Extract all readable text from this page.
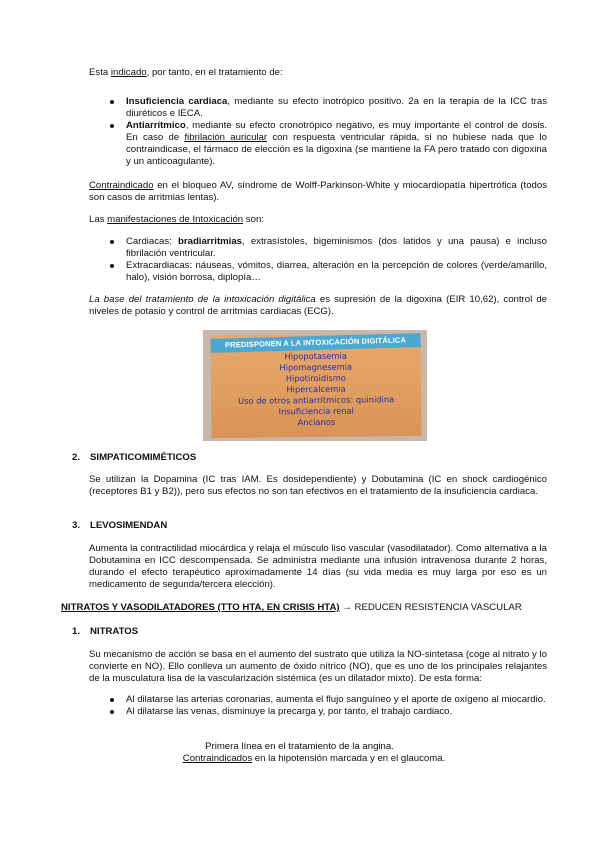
Esta indicado, por tanto, en el tratamiento de:

Insuficiencia cardiaca, mediante su efecto inotrópico positivo. 2a en la terapia de la ICC tras diuréticos e IECA.
Antiarrítmico, mediante su efecto cronotrópico negativo, es muy importante el control de dosis. En caso de fibrilación auricular con respuesta ventricular rápida, si no hubiese nada que lo contraindicase, el fármaco de elección es la digoxina (se mantiene la FA pero tratado con digoxina y un anticoagulante).

Contraindicado en el bloqueo AV, síndrome de Wolff-Parkinson-White y miocardiopatía hipertrófica (todos son casos de arritmias lentas).

Las manifestaciones de Intoxicación son:

Cardiacas: bradiarritmias, extrasístoles, bigeminismos (dos latidos y una pausa) e incluso fibrilación ventricular.
Extracardiacas: náuseas, vómitos, diarrea, alteración en la percepción de colores (verde/amarillo, halo), visión borrosa, diplopía…

La base del tratamiento de la intoxicación digitálica es supresión de la digoxina (EIR 10,62), control de niveles de potasio y control de arritmias cardiacas (ECG).

PREDISPONEN A LA INTOXICACIÓN DIGITÁLICA
Hipopotasemia
Hipomagnesemia
Hipotiroidismo
Hipercalcemia
Uso de otros antiarrítmicos: quinidina
Insuficiencia renal
Ancianos
2. SIMPATICOMIMÉTICOS

Se utilizan la Dopamina (IC tras IAM. Es dosidependiente) y Dobutamina (IC en shock cardiogénico (receptores B1 y B2)), pero sus efectos no son tan efectivos en el tratamiento de la insuficiencia cardiaca.

3. LEVOSIMENDAN

Aumenta la contractilidad miocárdica y relaja el músculo liso vascular (vasodilatador). Como alternativa a la Dobutamina en ICC descompensada. Se administra mediante una infusión intravenosa durante 2 horas, durando el efecto terapéutico aproximadamente 14 días (su vida media es muy larga por eso es un medicamento de segunda/tercera elección).

NITRATOS Y VASODILATADORES (TTO HTA, EN CRISIS HTA) → REDUCEN RESISTENCIA VASCULAR

1. NITRATOS

Su mecanismo de acción se basa en el aumento del sustrato que utiliza la NO-sintetasa (coge al nitrato y lo convierte en NO). Ello conlleva un aumento de óxido nítrico (NO), que es uno de los principales relajantes de la musculatura lisa de la vascularización sistémica (es un dilatador mixto). De esta forma:

Al dilatarse las arterias coronarias, aumenta el flujo sanguíneo y el aporte de oxígeno al miocardio.
Al dilatarse las venas, disminuye la precarga y, por tanto, el trabajo cardiaco.

Primera línea en el tratamiento de la angina.

Contraindicados en la hipotensión marcada y en el glaucoma.
